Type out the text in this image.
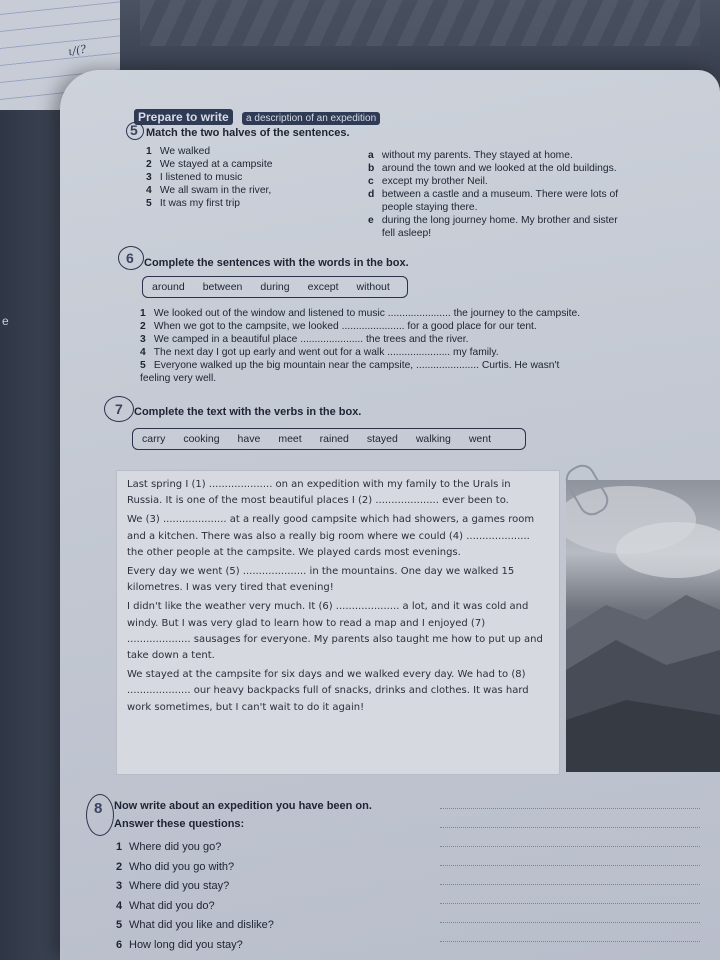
ι/(?
e
Prepare to write a description of an expedition
5 Match the two halves of the sentences.
1 We walked
2 We stayed at a campsite
3 I listened to music
4 We all swam in the river,
5 It was my first trip
a without my parents. They stayed at home.
b around the town and we looked at the old buildings.
c except my brother Neil.
d between a castle and a museum. There were lots of
people staying there.
e during the long journey home. My brother and sister
fell asleep!
6 Complete the sentences with the words in the box.
around	between	during	except	without
1 We looked out of the window and listened to music ...................... the journey to the campsite.
2 When we got to the campsite, we looked ...................... for a good place for our tent.
3 We camped in a beautiful place ...................... the trees and the river.
4 The next day I got up early and went out for a walk ...................... my family.
5 Everyone walked up the big mountain near the campsite, ...................... Curtis. He wasn't
feeling very well.
7 Complete the text with the verbs in the box.
carry	cooking	have	meet	rained	stayed	walking	went

Last spring I (1) .................... on an expedition with my family to the Urals in Russia. It is one of the most beautiful places I (2) .................... ever been to.

We (3) .................... at a really good campsite which had showers, a games room and a kitchen. There was also a really big room where we could (4) .................... the other people at the campsite. We played cards most evenings.

Every day we went (5) .................... in the mountains. One day we walked 15 kilometres. I was very tired that evening!

I didn't like the weather very much. It (6) .................... a lot, and it was cold and windy. But I was very glad to learn how to read a map and I enjoyed (7) .................... sausages for everyone. My parents also taught me how to put up and take down a tent.

We stayed at the campsite for six days and we walked every day. We had to (8) .................... our heavy backpacks full of snacks, drinks and clothes. It was hard work sometimes, but I can't wait to do it again!

8 Now write about an expedition you have been on.
Answer these questions:
1 Where did you go?
2 Who did you go with?
3 Where did you stay?
4 What did you do?
5 What did you like and dislike?
6 How long did you stay?
